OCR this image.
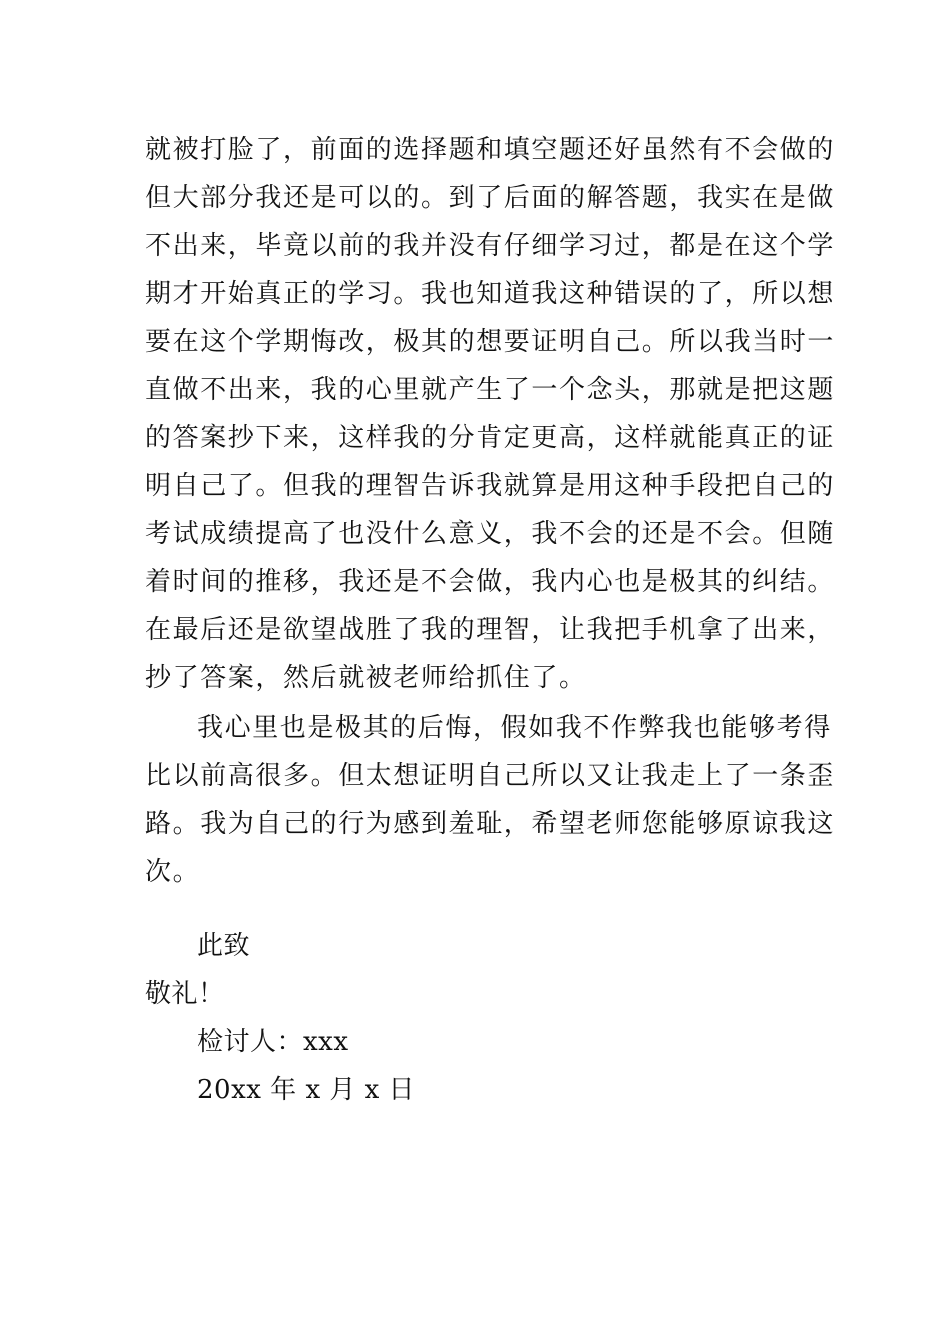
就被打脸了，前面的选择题和填空题还好虽然有不会做的
但大部分我还是可以的。到了后面的解答题，我实在是做
不出来，毕竟以前的我并没有仔细学习过，都是在这个学
期才开始真正的学习。我也知道我这种错误的了，所以想
要在这个学期悔改，极其的想要证明自己。所以我当时一
直做不出来，我的心里就产生了一个念头，那就是把这题
的答案抄下来，这样我的分肯定更高，这样就能真正的证
明自己了。但我的理智告诉我就算是用这种手段把自己的
考试成绩提高了也没什么意义，我不会的还是不会。但随
着时间的推移，我还是不会做，我内心也是极其的纠结。
在最后还是欲望战胜了我的理智，让我把手机拿了出来，
抄了答案，然后就被老师给抓住了。
我心里也是极其的后悔，假如我不作弊我也能够考得
比以前高很多。但太想证明自己所以又让我走上了一条歪
路。我为自己的行为感到羞耻，希望老师您能够原谅我这
次。
此致
敬礼！
检讨人：xxx
20xx 年 x 月 x 日
